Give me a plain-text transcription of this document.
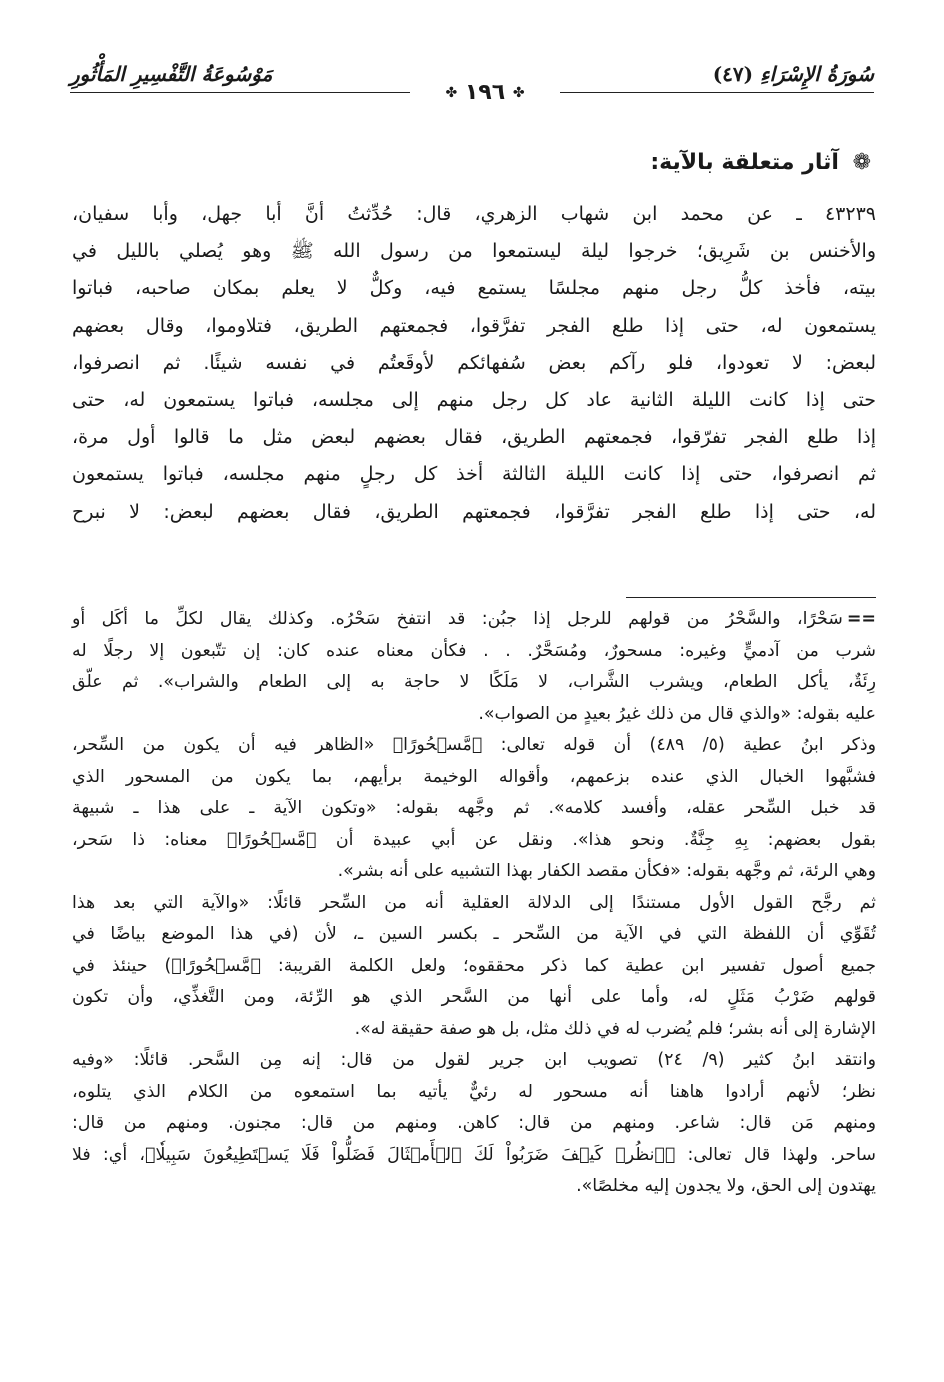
سُورَةُ الإِسْرَاءِ (٤٧)
مَوْسُوعَةُ التَّفْسِيرِ المَأْثُورِ
✤ ١٩٦ ✤
❁ آثار متعلقة بالآية:

٤٣٢٣٩ ـ عن محمد ابن شهاب الزهري، قال: حُدِّثتُ أنَّ أبا جهل، وأبا سفيان،

والأخنس بن شَرِيق؛ خرجوا ليلة ليستمعوا من رسول الله ﷺ وهو يُصلي بالليل في

بيته، فأخذ كلُّ رجل منهم مجلسًا يستمع فيه، وكلٌّ لا يعلم بمكان صاحبه، فباتوا

يستمعون له، حتى إذا طلع الفجر تفرَّقوا، فجمعتهم الطريق، فتلاوموا، وقال بعضهم

لبعض: لا تعودوا، فلو رآكم بعض سُفهائكم لأوقَعتُم في نفسه شيئًا. ثم انصرفوا،

حتى إذا كانت الليلة الثانية عاد كل رجل منهم إلى مجلسه، فباتوا يستمعون له، حتى

إذا طلع الفجر تفرّقوا، فجمعتهم الطريق، فقال بعضهم لبعض مثل ما قالوا أول مرة،

ثم انصرفوا، حتى إذا كانت الليلة الثالثة أخذ كل رجلٍ منهم مجلسه، فباتوا يستمعون

له، حتى إذا طلع الفجر تفرَّقوا، فجمعتهم الطريق، فقال بعضهم لبعض: لا نبرح

==سَحْرًا، والسَّحْرُ من قولهم للرجل إذا جبُن: قد انتفخ سَحْرُه. وكذلك يقال لكلِّ ما أكَل أو

شرب من آدميٍّ وغيره: مسحورٌ، ومُسَحَّرٌ. . . فكأن معناه عنده كان: إن تتّبعون إلا رجلًا له

رِئَةٌ، يأكل الطعام، ويشرب الشَّراب، لا مَلَكًا لا حاجة به إلى الطعام والشراب». ثم علّق

عليه بقوله: «والذي قال من ذلك غيرُ بعيدٍ من الصواب».

وذكر ابنُ عطية (٥/ ٤٨٩) أن قوله تعالى: ﴿مَّسۡحُورًا﴾ «الظاهر فيه أن يكون من السِّحر،

فشبَّهوا الخبال الذي عنده بزعمهم، وأقواله الوخيمة برأيهم، بما يكون من المسحور الذي

قد خبل السِّحر عقله، وأفسد كلامه». ثم وجَّهه بقوله: «وتكون الآية ـ على هذا ـ شبيهة

بقول بعضهم: بِهِ جِنَّةٌ. ونحو هذا». ونقل عن أبي عبيدة أن ﴿مَّسۡحُورًا﴾ معناه: ذا سَحر،

وهي الرئة، ثم وجَّهه بقوله: «فكأن مقصد الكفار بهذا التشبيه على أنه بشر».

ثم رجَّح القول الأول مستندًا إلى الدلالة العقلية أنه من السِّحر قائلًا: «والآية التي بعد هذا

تُقَوِّي أن اللفظة التي في الآية من السِّحر ـ بكسر السين ـ، لأن (في هذا الموضع بياضًا في

جميع أصول تفسير ابن عطية كما ذكر محققوه؛ ولعل الكلمة القريبة: ﴿مَّسۡحُورًا﴾) حينئذ في

قولهم ضَرْبُ مَثَلٍ له، وأما على أنها من السَّحر الذي هو الرِّئة، ومن التَّغذِّي، وأن تكون

الإشارة إلى أنه بشر؛ فلم يُضرب له في ذلك مثل، بل هو صفة حقيقة له».

وانتقد ابنُ كثير (٩/ ٢٤) تصويب ابن جرير لقول من قال: إنه مِن السَّحر. قائلًا: «وفيه

نظر؛ لأنهم أرادوا هاهنا أنه مسحور له رئيٌّ يأتيه بما استمعوه من الكلام الذي يتلوه،

ومنهم مَن قال: شاعر. ومنهم من قال: كاهن. ومنهم من قال: مجنون. ومنهم من قال:

ساحر. ولهذا قال تعالى: ﴿ٱنظُرۡ كَيۡفَ ضَرَبُواْ لَكَ ٱلۡأَمۡثَالَ فَضَلُّواْ فَلَا يَسۡتَطِيعُونَ سَبِيلٗا﴾، أي: فلا

يهتدون إلى الحق، ولا يجدون إليه مخلصًا».
